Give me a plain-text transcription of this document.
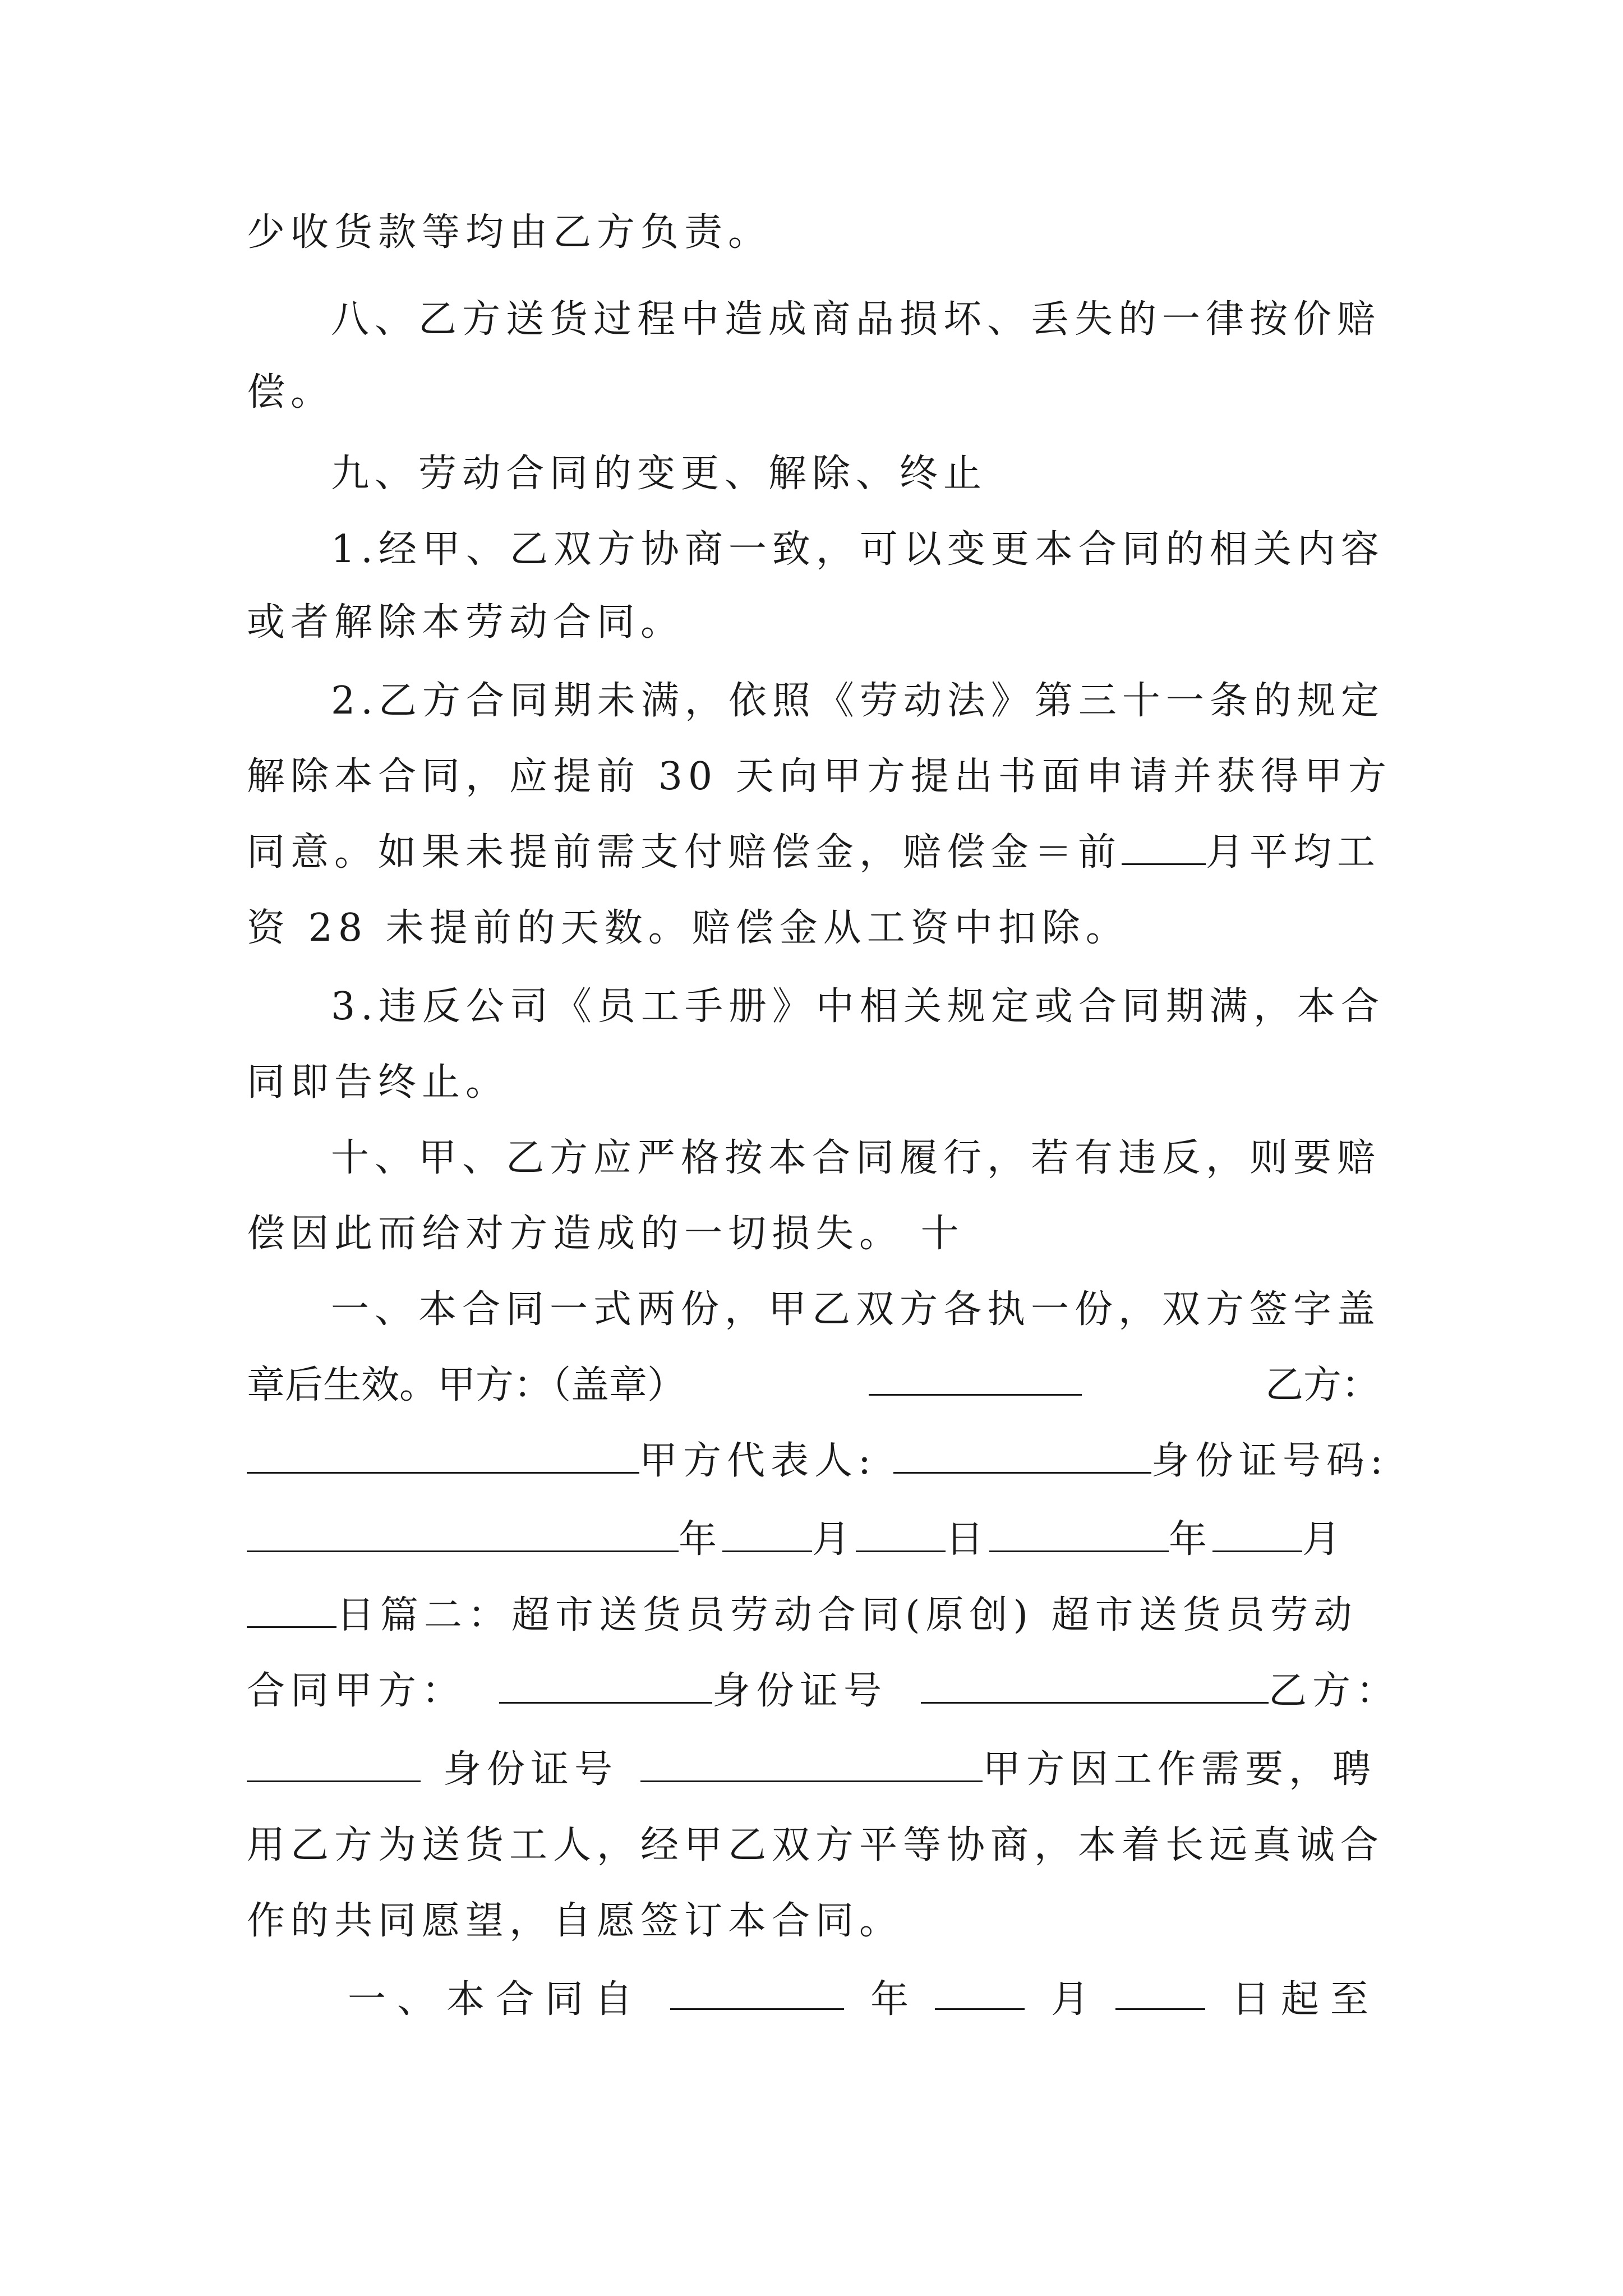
少收货款等均由乙方负责。
八、乙方送货过程中造成商品损坏、丢失的一律按价赔
偿。
九、劳动合同的变更、解除、终止
1.经甲、乙双方协商一致，可以变更本合同的相关内容
或者解除本劳动合同。
2.乙方合同期未满，依照《劳动法》第三十一条的规定
解除本合同，应提前 30 天向甲方提出书面申请并获得甲方
同意。如果未提前需支付赔偿金，赔偿金＝前 月平均工
资 28 未提前的天数。赔偿金从工资中扣除。
3.违反公司《员工手册》中相关规定或合同期满，本合
同即告终止。
十、甲、乙方应严格按本合同履行，若有违反，则要赔
偿因此而给对方造成的一切损失。 十
一、本合同一式两份，甲乙双方各执一份，双方签字盖
章后生效。甲方：（盖章）	乙方：
甲方代表人:	身份证号码:
年 月 日	年 月
日篇二：超市送货员劳动合同(原创) 超市送货员劳动
合同甲方：	身份证号	乙方：
身份证号	甲方因工作需要，聘
用乙方为送货工人，经甲乙双方平等协商，本着长远真诚合
作的共同愿望，自愿签订本合同。
一、本合同自	年	月	日起至
